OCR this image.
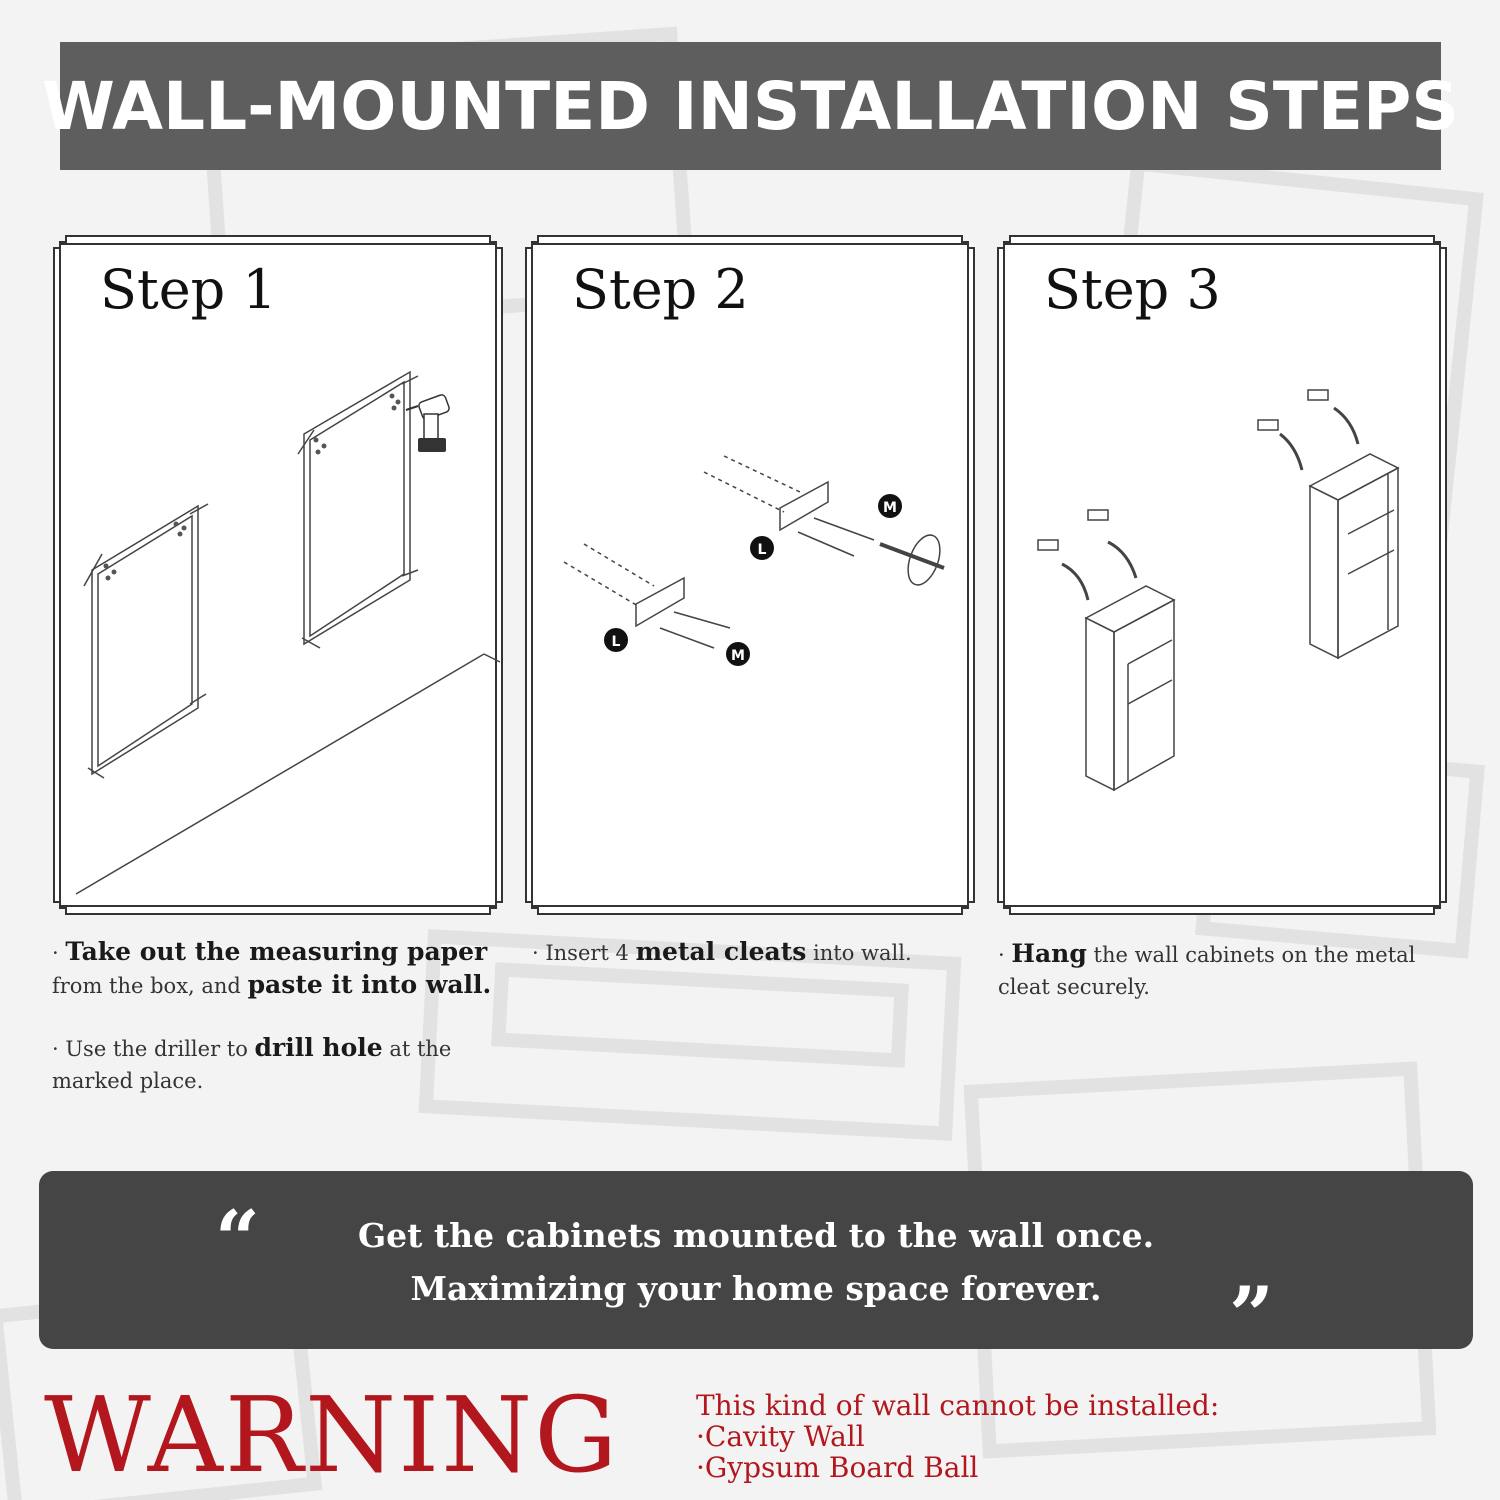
WALL-MOUNTED INSTALLATION STEPS
Step 1	Step 2
L
L
M
M
Step 3

· Take out the measuring paper from the box, and paste it into wall.

· Use the driller to drill hole at the marked place.

· Insert 4 metal cleats into wall.	· Hang the wall cabinets on the metal cleat securely.

“	Get the cabinets mounted to the wall once.
Maximizing your home space forever.	”
WARNING	This kind of wall cannot be installed:
·Cavity Wall
·Gypsum Board Ball
